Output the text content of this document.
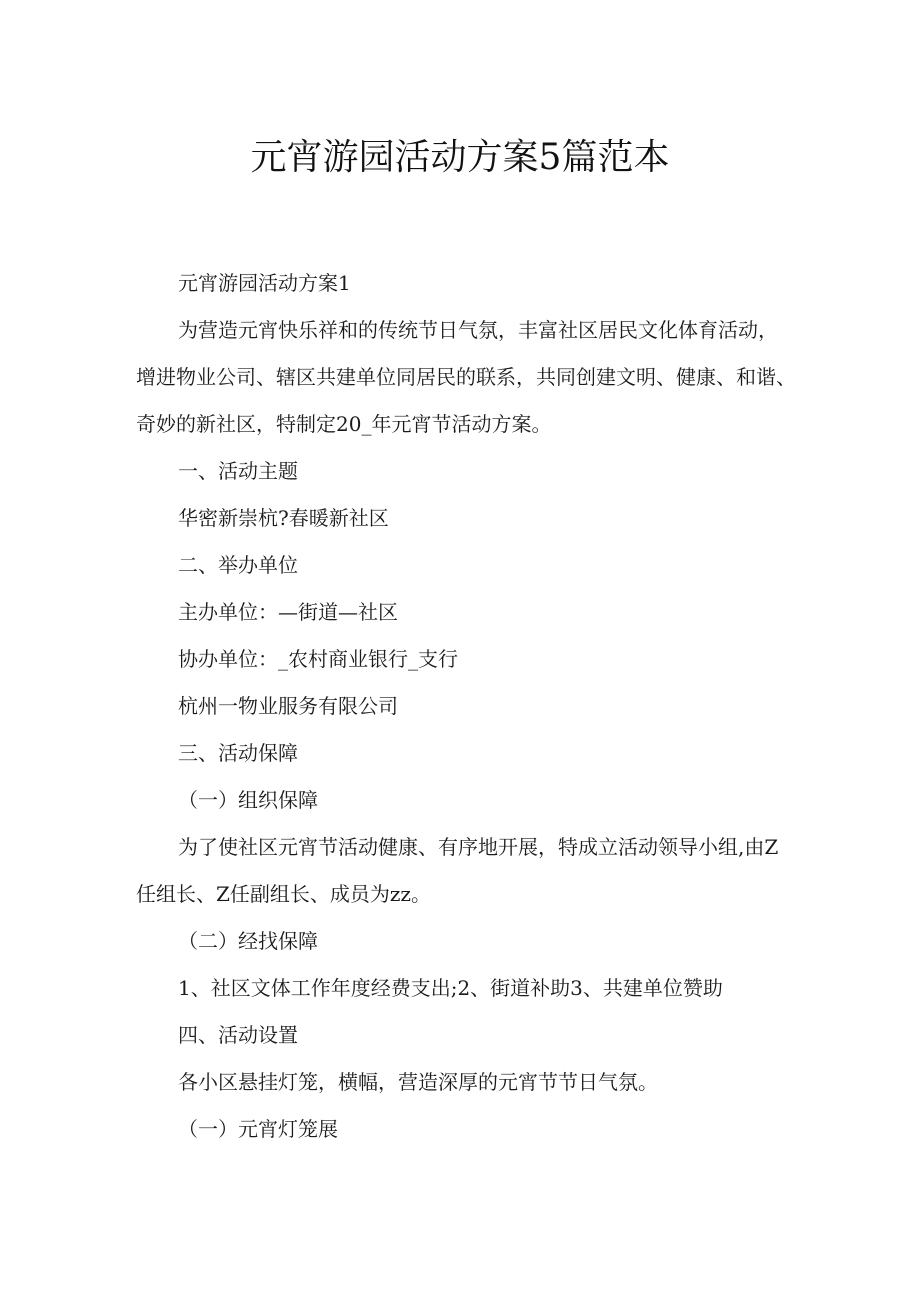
元宵游园活动方案5篇范本

元宵游园活动方案1

为营造元宵快乐祥和的传统节日气氛，丰富社区居民文化体育活动，

增进物业公司、辖区共建单位同居民的联系，共同创建文明、健康、和谐、

奇妙的新社区，特制定20_年元宵节活动方案。

一、活动主题

华密新崇杭?春暖新社区

二、举办单位

主办单位：—街道—社区

协办单位：_农村商业银行_支行

杭州一物业服务有限公司

三、活动保障

（一）组织保障

为了使社区元宵节活动健康、有序地开展，特成立活动领导小组,由Z

任组长、Z任副组长、成员为zz。

（二）经找保障

1、社区文体工作年度经费支出;2、街道补助3、共建单位赞助

四、活动设置

各小区悬挂灯笼，横幅，营造深厚的元宵节节日气氛。

（一）元宵灯笼展
